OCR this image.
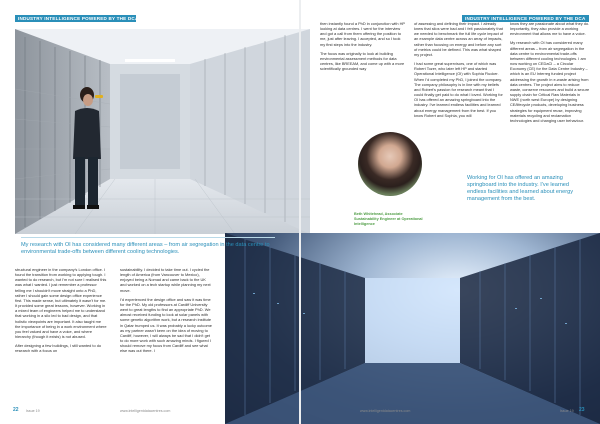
INDUSTRY INTELLIGENCE POWERED BY THE DCA	INDUSTRY INTELLIGENCE POWERED BY THE DCA

then instantly found a PhD in conjunction with HP looking at data centres. I went for the interview and got a call from them offering the position to me, just after leaving. I accepted, and so I took my first steps into the industry.

The focus was originally to look at building environmental assessment methods for data centres, like BREEAM, and come up with a more scientifically grounded way

of assessing and defining their impact. I already knew that silos were bad and I felt passionately that we needed to benchmark the full life cycle impact of an example data centre across an array of impacts, rather than focusing on energy and before any sort of metrics could be defined. This was what shaped my project.

I had some great supervisors, one of which was Robert Tozer, who later left HP and started Operational Intelligence (OI) with Sophia Flucker. When I'd completed my PhD, I joined the company. The company philosophy is in line with my beliefs and Robert's passion for research meant that I could finally get paid to do what I loved. Working for OI has offered an amazing springboard into the industry. I've learned endless facilities and learned about energy management from the best. If you know Robert and Sophia, you will

know they are passionate about what they do. Importantly, they also provide a working environment that allows me to have a voice.

My research with OI has considered many different areas – from air segregation in the data centre to environmental trade-offs between different cooling technologies. I am now working on CEDaCI – a Circular Economy (CE) for the Data Centre Industry – which is an EU Interreg funded project addressing the growth in e-waste arising from data centres. The project aims to reduce waste, conserve resources and build a secure supply chain for Critical Raw Materials in NWE (north west Europe) by designing CE/lifecycle products, developing business strategies for equipment reuse, improving materials recycling and reclamation technologies and changing user behaviour.

Beth Whitehead, Associate Sustainability Engineer at Operational Intelligence
Working for OI has offered an amazing springboard into the industry. I've learned endless facilities and learned about energy management from the best.
My research with OI has considered many different areas – from air segregation in the data centre to environmental trade-offs between different cooling technologies.

structural engineer in the company's London office. I found the transition from working to applying tough. I wanted to do research, but I'm not sure I realised this was what I wanted. I just remember a professor telling me I shouldn't move straight onto a PhD, rather I should gain some design office experience first. This made sense, but ultimately it wasn't for me. It provided some great lessons, however. Working in a mixed team of engineers helped me to understand that working in a silo led to bad design, and that holistic viewpoints are important. It also taught me the importance of being in a work environment where you feel valued and have a voice, and where hierarchy (though it exists) is not abused.

After designing a few buildings, I still wanted to do research with a focus on

sustainability. I decided to take time out. I cycled the length of America (from Vancouver to Mexico), enjoyed being a Nomad and came back to the UK and worked on a tech startup while planning my next move.

I'd experienced the design office and saw it was time for the PhD. My old professors at Cardiff University went to great lengths to find an appropriate PhD. We almost received funding to look at solar panels with some genetic algorithm work, but a research institute in Qatar trumped us. It was probably a lucky outcome as my partner wasn't keen on the idea of moving to Cardiff, however, I will always be sad that I didn't get to do more work with such amazing minds. I figured I should remove my focus from Cardiff and see what else was out there. I

22 Issue 19	www.intelligentdatacentres.com	www.intelligentdatacentres.com	Issue 19 23
